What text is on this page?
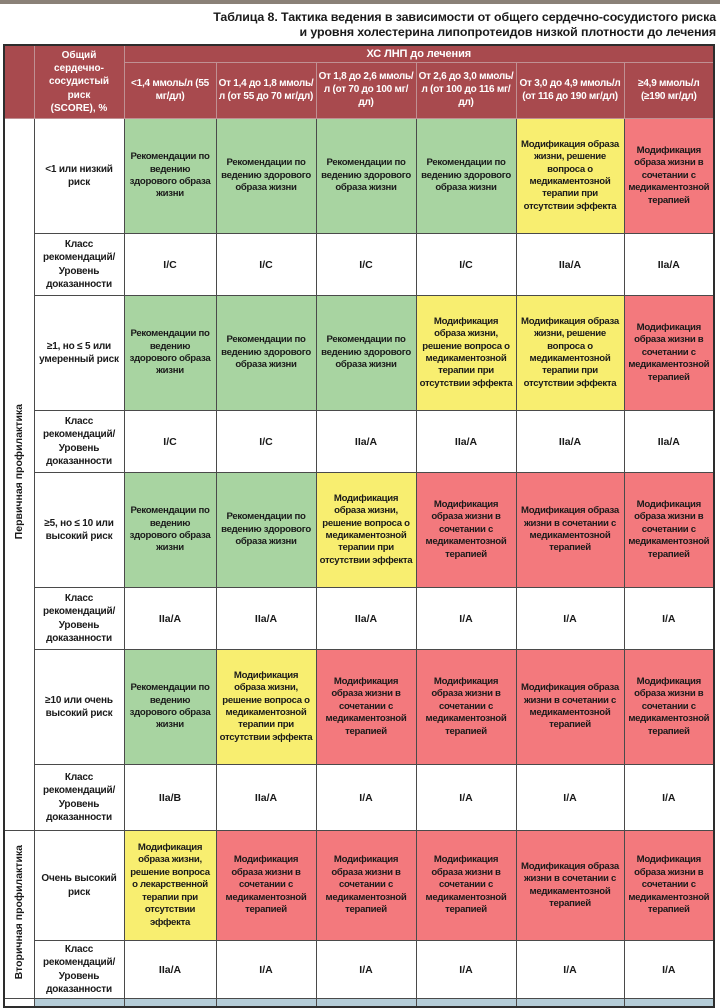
Таблица 8. Тактика ведения в зависимости от общего сердечно-сосудистого риска
и уровня холестерина липопротеидов низкой плотности до лечения

	Общий
сердечно-
сосудистый
риск
(SCORE), %	ХС ЛНП до лечения					
		<1,4 ммоль/л (55 мг/дл)	От 1,4 до 1,8 ммоль/л (от 55 до 70 мг/дл)	От 1,8 до 2,6 ммоль/л (от 70 до 100 мг/дл)	От 2,6 до 3,0 ммоль/л (от 100 до 116 мг/дл)	От 3,0 до 4,9 ммоль/л (от 116 до 190 мг/дл)	≥4,9 ммоль/л (≥190 мг/дл)
Первичная профилактика	<1 или низкий риск	Рекомендации по ведению здорового образа жизни	Рекомендации по ведению здорового образа жизни	Рекомендации по ведению здорового образа жизни	Рекомендации по ведению здорового образа жизни	Модификация образа жизни, решение вопроса о медикаментозной терапии при отсутствии эффекта	Модификация образа жизни в сочетании с медикаментозной терапией

	Класс рекомендаций/ Уровень доказанности	I/C	I/C	I/C	I/C	IIa/A	IIa/A

	≥1, но ≤ 5 или умеренный риск	Рекомендации по ведению здорового образа жизни	Рекомендации по ведению здорового образа жизни	Рекомендации по ведению здорового образа жизни	Модификация образа жизни, решение вопроса о медикаментозной терапии при отсутствии эффекта	Модификация образа жизни, решение вопроса о медикаментозной терапии при отсутствии эффекта	Модификация образа жизни в сочетании с медикаментозной терапией

	Класс рекомендаций/ Уровень доказанности	I/C	I/C	IIa/A	IIa/A	IIa/A	IIa/A

	≥5, но ≤ 10 или высокий риск	Рекомендации по ведению здорового образа жизни	Рекомендации по ведению здорового образа жизни	Модификация образа жизни, решение вопроса о медикаментозной терапии при отсутствии эффекта	Модификация образа жизни в сочетании с медикаментозной терапией	Модификация образа жизни в сочетании с медикаментозной терапией	Модификация образа жизни в сочетании с медикаментозной терапией

	Класс рекомендаций/ Уровень доказанности	IIa/A	IIa/A	IIa/A	I/A	I/A	I/A

	≥10 или очень высокий риск	Рекомендации по ведению здорового образа жизни	Модификация образа жизни, решение вопроса о медикаментозной терапии при отсутствии эффекта	Модификация образа жизни в сочетании с медикаментозной терапией	Модификация образа жизни в сочетании с медикаментозной терапией	Модификация образа жизни в сочетании с медикаментозной терапией	Модификация образа жизни в сочетании с медикаментозной терапией

	Класс рекомендаций/ Уровень доказанности	IIa/B	IIa/A	I/A	I/A	I/A	I/A
Вторичная профилактика	Очень высокий риск	Модификация образа жизни, решение вопроса о лекарственной терапии при отсутствии эффекта	Модификация образа жизни в сочетании с медикаментозной терапией	Модификация образа жизни в сочетании с медикаментозной терапией	Модификация образа жизни в сочетании с медикаментозной терапией	Модификация образа жизни в сочетании с медикаментозной терапией	Модификация образа жизни в сочетании с медикаментозной терапией

	Класс рекомендаций/ Уровень доказанности	IIa/A	I/A	I/A	I/A	I/A	I/A
